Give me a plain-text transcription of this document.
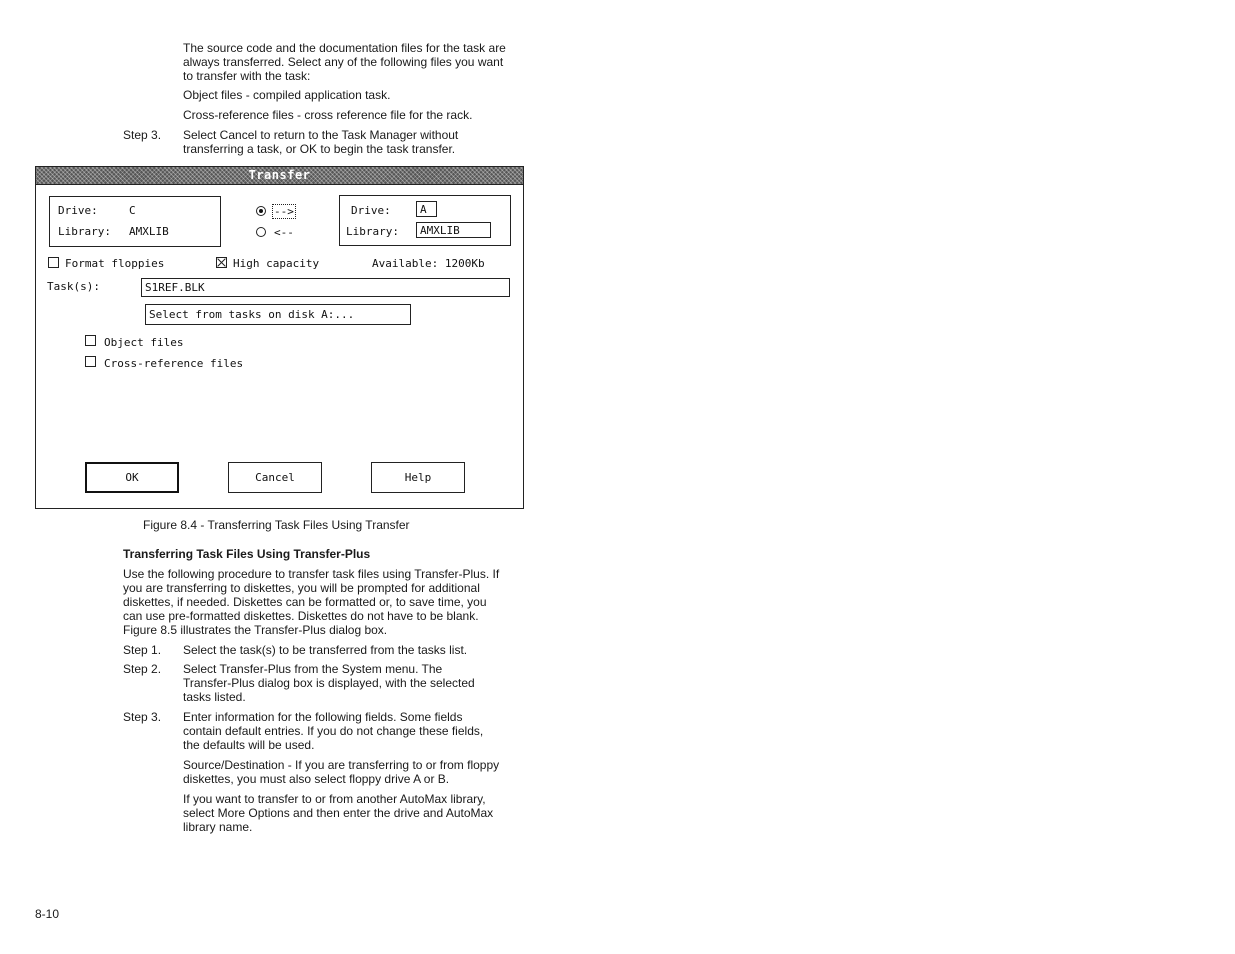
The source code and the documentation files for the task are always transferred. Select any of the following files you want to transfer with the task:
Object files - compiled application task.
Cross-reference files - cross reference file for the rack.
Step 3. Select Cancel to return to the Task Manager without transferring a task, or OK to begin the task transfer.
Transfer
Drive:	C
Library: AMXLIB
-->
<--
Drive:	A
Library:	AMXLIB
Format floppies	High capacity	Available: 1200Kb
Task(s):	S1REF.BLK
Select from tasks on disk A:...
Object files
Cross-reference files
OK	Cancel	Help
Figure 8.4 - Transferring Task Files Using Transfer
Transferring Task Files Using Transfer-Plus
Use the following procedure to transfer task files using Transfer-Plus. If you are transferring to diskettes, you will be prompted for additional diskettes, if needed. Diskettes can be formatted or, to save time, you can use pre-formatted diskettes. Diskettes do not have to be blank. Figure 8.5 illustrates the Transfer-Plus dialog box.
Step 1. Select the task(s) to be transferred from the tasks list.
Step 2. Select Transfer-Plus from the System menu. The Transfer-Plus dialog box is displayed, with the selected tasks listed.
Step 3. Enter information for the following fields. Some fields contain default entries. If you do not change these fields, the defaults will be used.
Source/Destination - If you are transferring to or from floppy diskettes, you must also select floppy drive A or B.
If you want to transfer to or from another AutoMax library, select More Options and then enter the drive and AutoMax library name.
8-10
